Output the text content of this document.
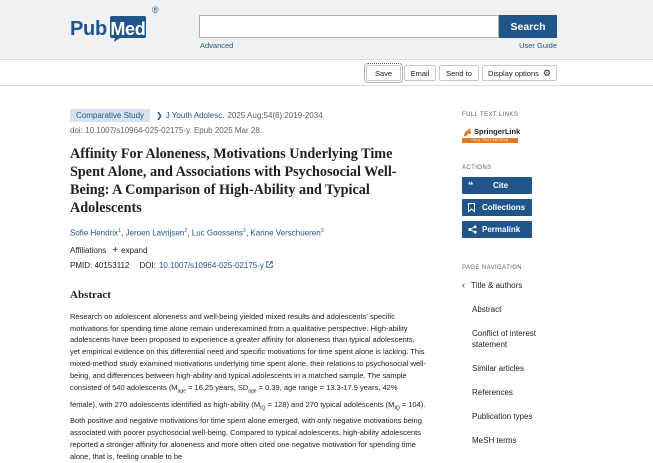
Pub Med
®
Search
Advanced	User Guide
Save Email Send to Display options ⚙
Comparative Study	❯ J Youth Adolesc. 2025 Aug;54(8):2019-2034.
doi: 10.1007/s10964-025-02175-y. Epub 2025 Mar 28.
Affinity For Aloneness, Motivations Underlying Time Spent Alone, and Associations with Psychosocial Well-Being: A Comparison of High-Ability and Typical Adolescents
Sofie Hendrix$^1$, Jeroen Lavrijsen$^2$, Luc Goossens$^3$, Karine Verschueren$^3$
Affiliations + expand
PMID: 40153112 DOI: 10.1007/s10964-025-02175-y
Abstract

Research on adolescent aloneness and well-being yielded mixed results and adolescents' specific motivations for spending time alone remain underexamined from a qualitative perspective. High-ability adolescents have been proposed to experience a greater affinity for aloneness than typical adolescents, yet empirical evidence on this differential need and specific motivations for time spent alone is lacking. This mixed-method study examined motivations underlying time spent alone, their relations to psychosocial well-being, and differences between high-ability and typical adolescents in a matched sample. The sample consisted of 540 adolescents ($M_{age} = 16.25$ years, $SD_{age} = 0.39$, age range = 13.3-17.9 years, 42% female), with 270 adolescents identified as high-ability $(M_{IQ} = 128)$ and 270 typical adolescents $(M_{IQ} = 104)$. Both positive and negative motivations for time spent alone emerged, with only negative motivations being associated with poorer psychosocial well-being. Compared to typical adolescents, high-ability adolescents reported a stronger affinity for aloneness and more often cited one negative motivation for spending time alone, that is, feeling unable to be

FULL TEXT LINKS
SpringerLink
FULL TEXT ARTICLE
ACTIONS
❝	Cite
Collections
Permalink
PAGE NAVIGATION
‹ Title & authors
Abstract
Conflict of interest statement
Similar articles
References
Publication types
MeSH terms
